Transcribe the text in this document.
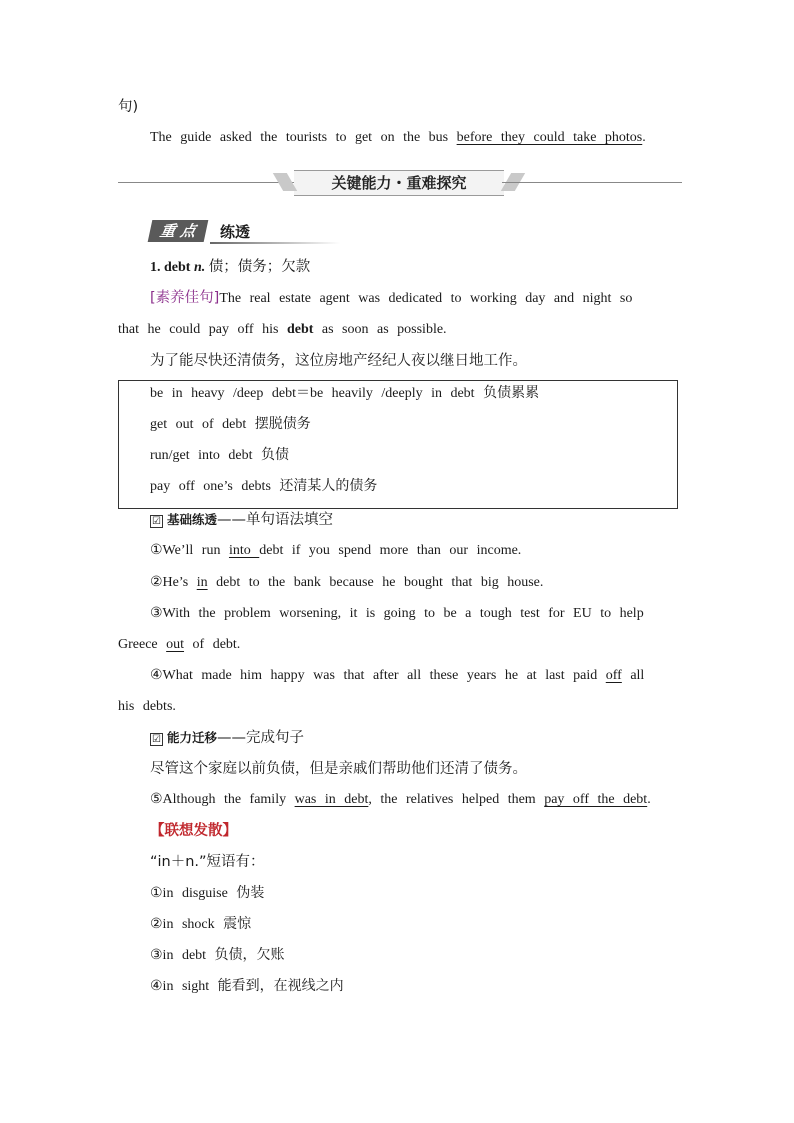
句)
The guide asked the tourists to get on the bus before they could take photos.
关键能力・重难探究
重 点	练透
1. debt n. 债；债务；欠款
[素养佳句]The real estate agent was dedicated to working day and night so
that he could pay off his debt as soon as possible.
为了能尽快还清债务，这位房地产经纪人夜以继日地工作。
be in heavy /deep debt＝be heavily /deeply in debt 负债累累
get out of debt 摆脱债务
run/get into debt 负债
pay off one’s debts 还清某人的债务
☑ 基础练透——单句语法填空
①We’ll run into debt if you spend more than our income.
②He’s in debt to the bank because he bought that big house.
③With the problem worsening, it is going to be a tough test for EU to help
Greece out of debt.
④What made him happy was that after all these years he at last paid off all
his debts.
☑ 能力迁移——完成句子
尽管这个家庭以前负债，但是亲戚们帮助他们还清了债务。
⑤Although the family was in debt, the relatives helped them pay off the debt.
【联想发散】
“in＋n.”短语有：
①in disguise 伪装
②in shock 震惊
③in debt 负债，欠账
④in sight 能看到，在视线之内
